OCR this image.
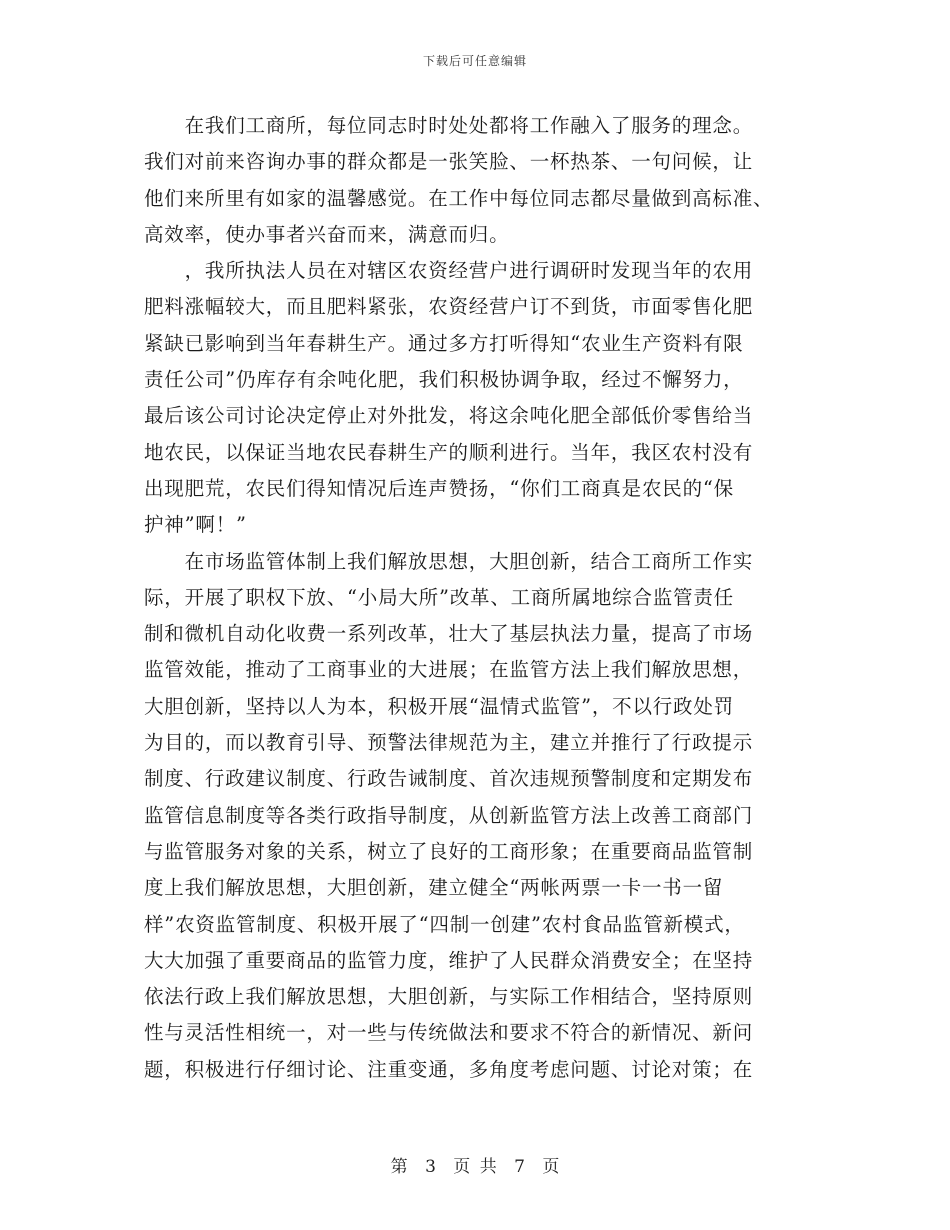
下载后可任意编辑
　　在我们工商所，每位同志时时处处都将工作融入了服务的理念。
我们对前来咨询办事的群众都是一张笑脸、一杯热茶、一句问候，让
他们来所里有如家的温馨感觉。在工作中每位同志都尽量做到高标准、
高效率，使办事者兴奋而来，满意而归。
　　，我所执法人员在对辖区农资经营户进行调研时发现当年的农用
肥料涨幅较大，而且肥料紧张，农资经营户订不到货，市面零售化肥
紧缺已影响到当年春耕生产。通过多方打听得知“农业生产资料有限
责任公司”仍库存有余吨化肥，我们积极协调争取，经过不懈努力，
最后该公司讨论决定停止对外批发，将这余吨化肥全部低价零售给当
地农民，以保证当地农民春耕生产的顺利进行。当年，我区农村没有
出现肥荒，农民们得知情况后连声赞扬，“你们工商真是农民的“保
护神”啊！”
　　在市场监管体制上我们解放思想，大胆创新，结合工商所工作实
际，开展了职权下放、“小局大所”改革、工商所属地综合监管责任
制和微机自动化收费一系列改革，壮大了基层执法力量，提高了市场
监管效能，推动了工商事业的大进展；在监管方法上我们解放思想，
大胆创新，坚持以人为本，积极开展“温情式监管”，不以行政处罚
为目的，而以教育引导、预警法律规范为主，建立并推行了行政提示
制度、行政建议制度、行政告诫制度、首次违规预警制度和定期发布
监管信息制度等各类行政指导制度，从创新监管方法上改善工商部门
与监管服务对象的关系，树立了良好的工商形象；在重要商品监管制
度上我们解放思想，大胆创新，建立健全“两帐两票一卡一书一留
样”农资监管制度、积极开展了“四制一创建”农村食品监管新模式，
大大加强了重要商品的监管力度，维护了人民群众消费安全；在坚持
依法行政上我们解放思想，大胆创新，与实际工作相结合，坚持原则
性与灵活性相统一，对一些与传统做法和要求不符合的新情况、新问
题，积极进行仔细讨论、注重变通，多角度考虑问题、讨论对策；在
第 3 页 共 7 页
